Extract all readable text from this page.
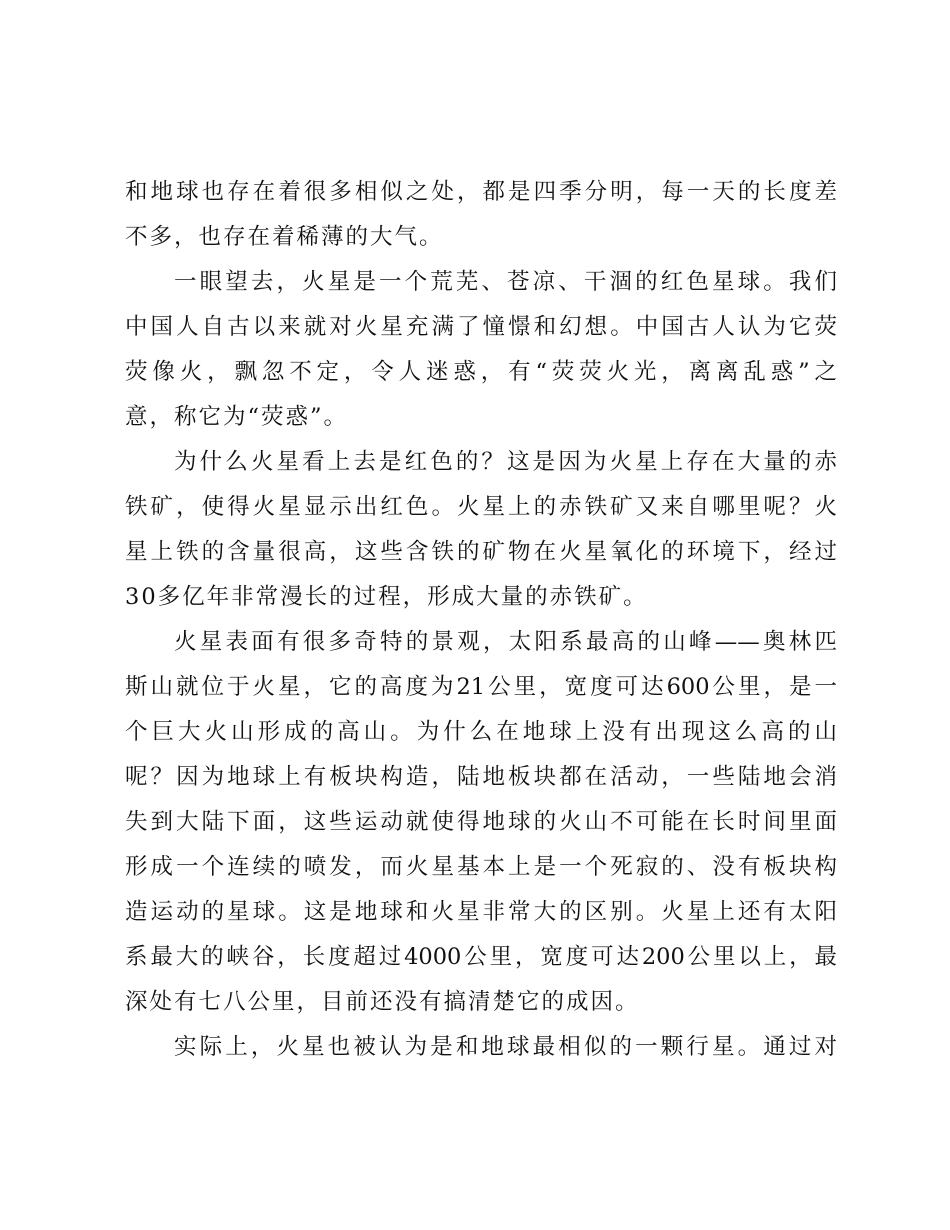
和地球也存在着很多相似之处，都是四季分明，每一天的长度差
不多，也存在着稀薄的大气。
一眼望去，火星是一个荒芜、苍凉、干涸的红色星球。我们
中国人自古以来就对火星充满了憧憬和幻想。中国古人认为它荧
荧像火，飘忽不定，令人迷惑，有“荧荧火光，离离乱惑”之
意，称它为“荧惑”。
为什么火星看上去是红色的？这是因为火星上存在大量的赤
铁矿，使得火星显示出红色。火星上的赤铁矿又来自哪里呢？火
星上铁的含量很高，这些含铁的矿物在火星氧化的环境下，经过
30多亿年非常漫长的过程，形成大量的赤铁矿。
火星表面有很多奇特的景观，太阳系最高的山峰——奥林匹
斯山就位于火星，它的高度为21公里，宽度可达600公里，是一
个巨大火山形成的高山。为什么在地球上没有出现这么高的山
呢？因为地球上有板块构造，陆地板块都在活动，一些陆地会消
失到大陆下面，这些运动就使得地球的火山不可能在长时间里面
形成一个连续的喷发，而火星基本上是一个死寂的、没有板块构
造运动的星球。这是地球和火星非常大的区别。火星上还有太阳
系最大的峡谷，长度超过4000公里，宽度可达200公里以上，最
深处有七八公里，目前还没有搞清楚它的成因。
实际上，火星也被认为是和地球最相似的一颗行星。通过对
